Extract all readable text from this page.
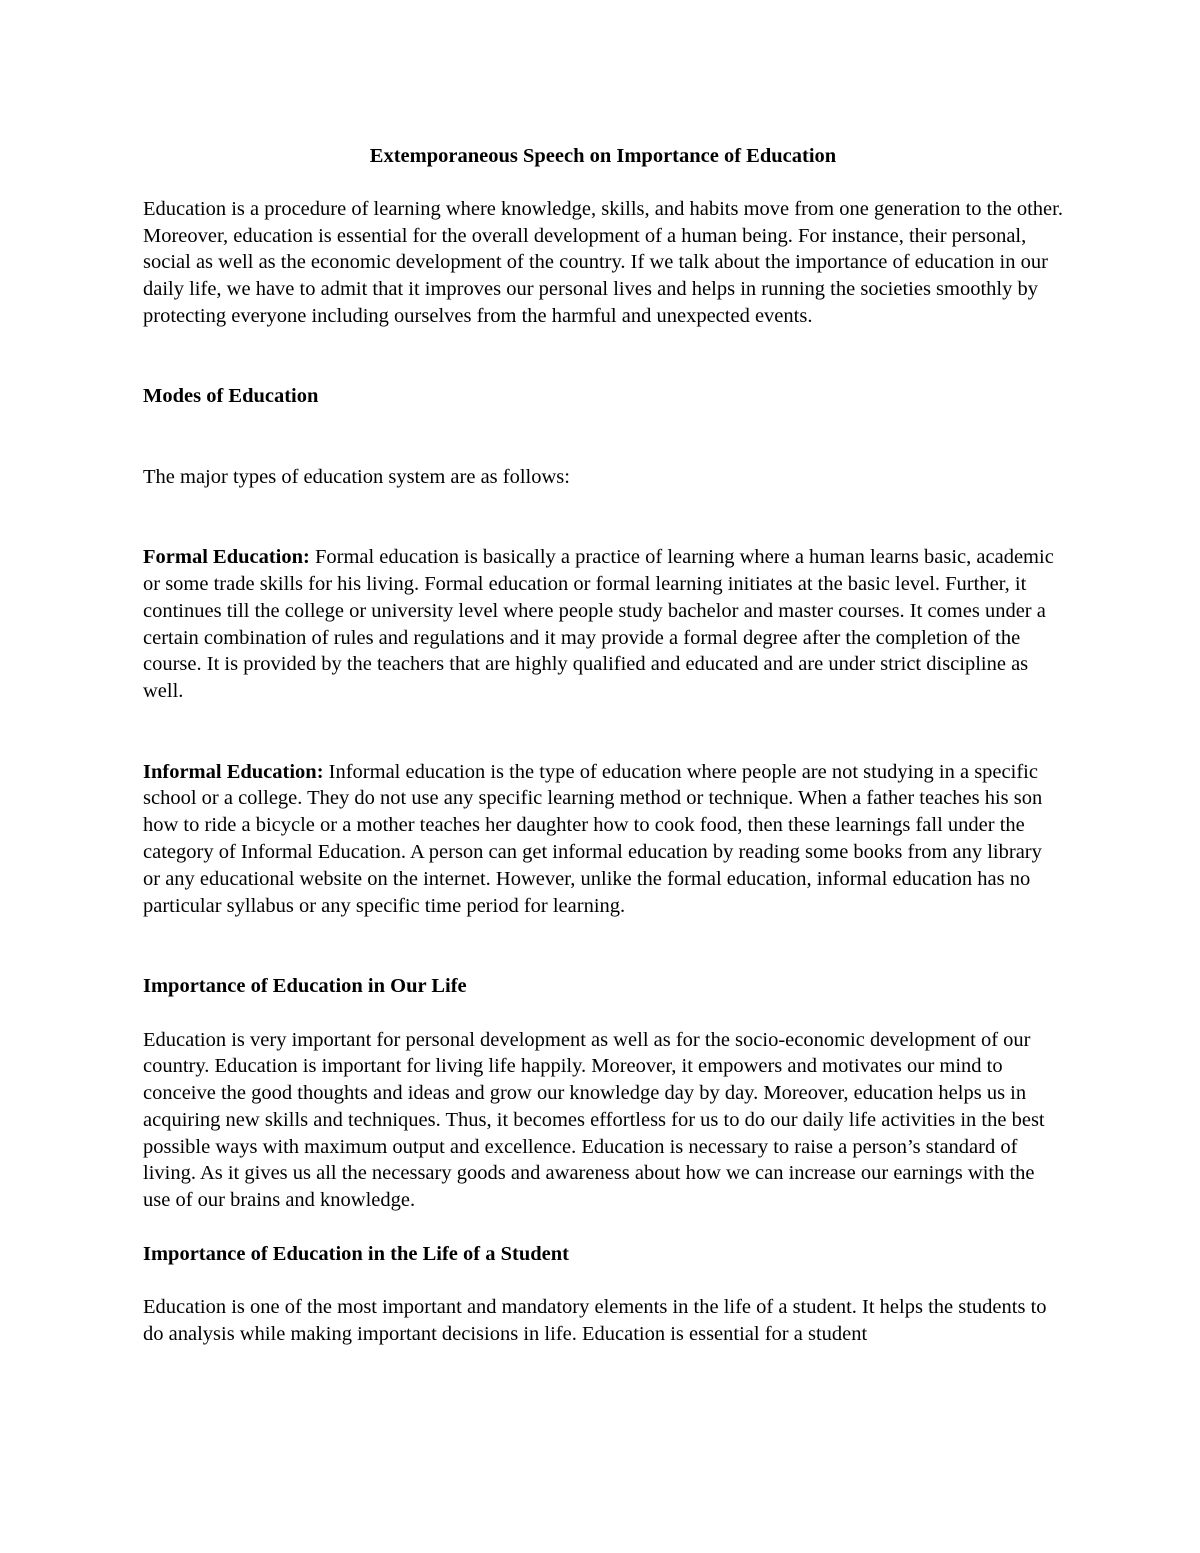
Extemporaneous Speech on Importance of Education

Education is a procedure of learning where knowledge, skills, and habits move from one generation to the other. Moreover, education is essential for the overall development of a human being. For instance, their personal, social as well as the economic development of the country. If we talk about the importance of education in our daily life, we have to admit that it improves our personal lives and helps in running the societies smoothly by protecting everyone including ourselves from the harmful and unexpected events.

Modes of Education

The major types of education system are as follows:

Formal Education: Formal education is basically a practice of learning where a human learns basic, academic or some trade skills for his living. Formal education or formal learning initiates at the basic level. Further, it continues till the college or university level where people study bachelor and master courses. It comes under a certain combination of rules and regulations and it may provide a formal degree after the completion of the course. It is provided by the teachers that are highly qualified and educated and are under strict discipline as well.

Informal Education: Informal education is the type of education where people are not studying in a specific school or a college. They do not use any specific learning method or technique. When a father teaches his son how to ride a bicycle or a mother teaches her daughter how to cook food, then these learnings fall under the category of Informal Education. A person can get informal education by reading some books from any library or any educational website on the internet. However, unlike the formal education, informal education has no particular syllabus or any specific time period for learning.

Importance of Education in Our Life

Education is very important for personal development as well as for the socio-economic development of our country. Education is important for living life happily. Moreover, it empowers and motivates our mind to conceive the good thoughts and ideas and grow our knowledge day by day. Moreover, education helps us in acquiring new skills and techniques. Thus, it becomes effortless for us to do our daily life activities in the best possible ways with maximum output and excellence. Education is necessary to raise a person’s standard of living. As it gives us all the necessary goods and awareness about how we can increase our earnings with the use of our brains and knowledge.

Importance of Education in the Life of a Student

Education is one of the most important and mandatory elements in the life of a student. It helps the students to do analysis while making important decisions in life. Education is essential for a student
